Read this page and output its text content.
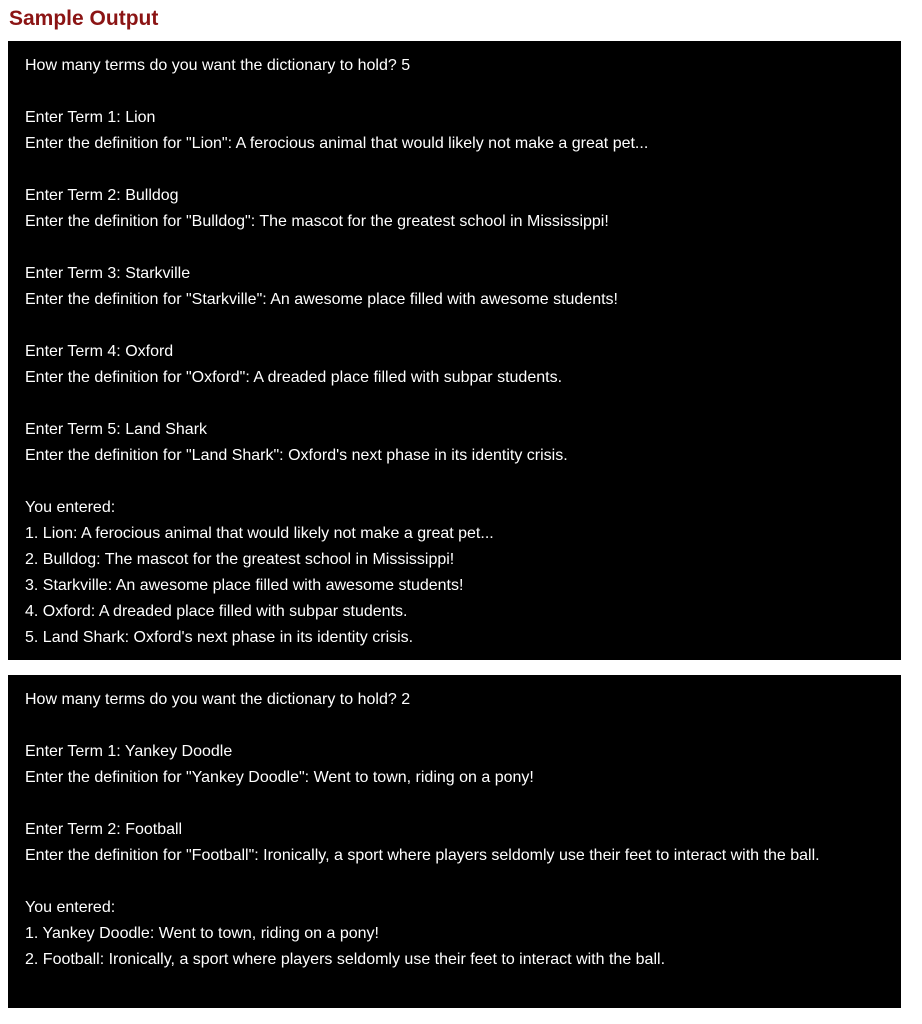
Sample Output
How many terms do you want the dictionary to hold? 5
Enter Term 1: Lion
Enter the definition for "Lion": A ferocious animal that would likely not make a great pet...
Enter Term 2: Bulldog
Enter the definition for "Bulldog": The mascot for the greatest school in Mississippi!
Enter Term 3: Starkville
Enter the definition for "Starkville": An awesome place filled with awesome students!
Enter Term 4: Oxford
Enter the definition for "Oxford": A dreaded place filled with subpar students.
Enter Term 5: Land Shark
Enter the definition for "Land Shark": Oxford's next phase in its identity crisis.
You entered:
1. Lion: A ferocious animal that would likely not make a great pet...
2. Bulldog: The mascot for the greatest school in Mississippi!
3. Starkville: An awesome place filled with awesome students!
4. Oxford: A dreaded place filled with subpar students.
5. Land Shark: Oxford's next phase in its identity crisis.
How many terms do you want the dictionary to hold? 2
Enter Term 1: Yankey Doodle
Enter the definition for "Yankey Doodle": Went to town, riding on a pony!
Enter Term 2: Football
Enter the definition for "Football": Ironically, a sport where players seldomly use their feet to interact with the ball.
You entered:
1. Yankey Doodle: Went to town, riding on a pony!
2. Football: Ironically, a sport where players seldomly use their feet to interact with the ball.
